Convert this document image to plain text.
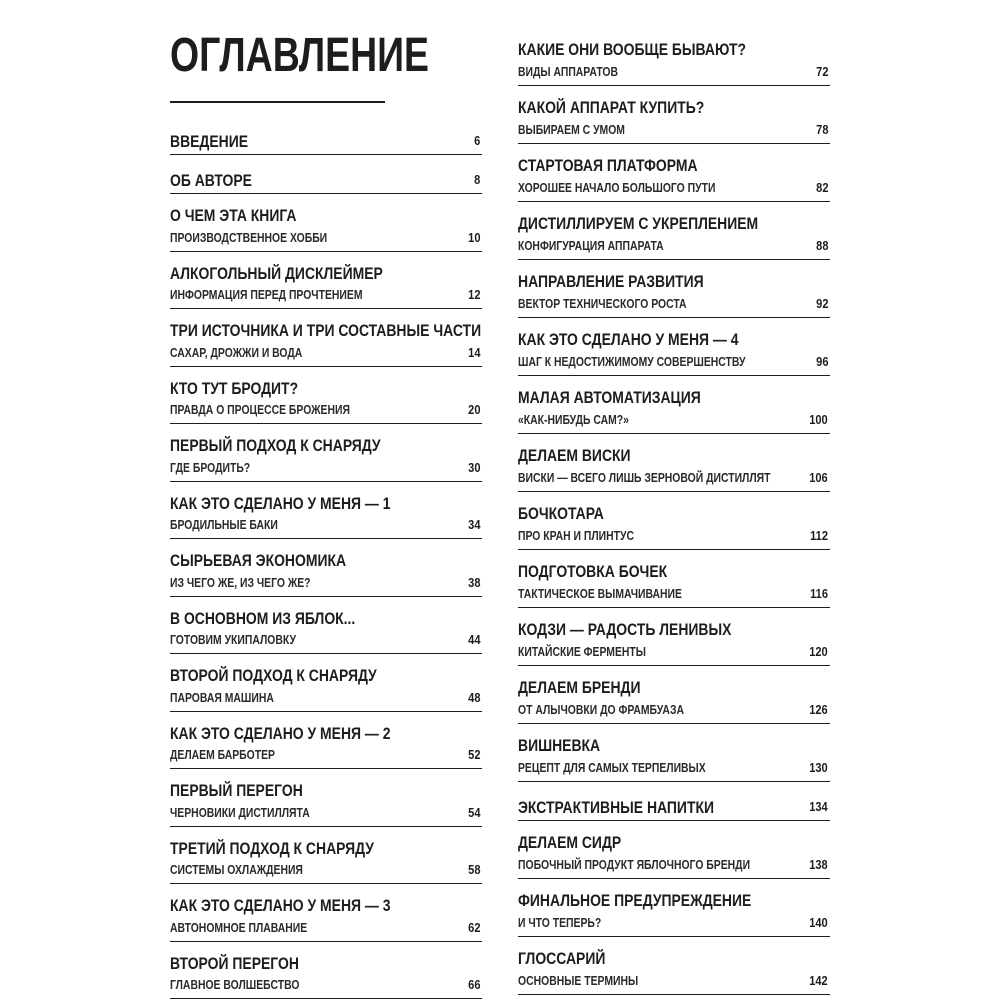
ОГЛАВЛЕНИЕ
ВВЕДЕНИЕ	6
ОБ АВТОРЕ	8
О ЧЕМ ЭТА КНИГА
ПРОИЗВОДСТВЕННОЕ ХОББИ	10
АЛКОГОЛЬНЫЙ ДИСКЛЕЙМЕР
ИНФОРМАЦИЯ ПЕРЕД ПРОЧТЕНИЕМ	12
ТРИ ИСТОЧНИКА И ТРИ СОСТАВНЫЕ ЧАСТИ
САХАР, ДРОЖЖИ И ВОДА	14
КТО ТУТ БРОДИТ?
ПРАВДА О ПРОЦЕССЕ БРОЖЕНИЯ	20
ПЕРВЫЙ ПОДХОД К СНАРЯДУ
ГДЕ БРОДИТЬ?	30
КАК ЭТО СДЕЛАНО У МЕНЯ — 1
БРОДИЛЬНЫЕ БАКИ	34
СЫРЬЕВАЯ ЭКОНОМИКА
ИЗ ЧЕГО ЖЕ, ИЗ ЧЕГО ЖЕ?	38
В ОСНОВНОМ ИЗ ЯБЛОК...
ГОТОВИМ УКИПАЛОВКУ	44
ВТОРОЙ ПОДХОД К СНАРЯДУ
ПАРОВАЯ МАШИНА	48
КАК ЭТО СДЕЛАНО У МЕНЯ — 2
ДЕЛАЕМ БАРБОТЕР	52
ПЕРВЫЙ ПЕРЕГОН
ЧЕРНОВИКИ ДИСТИЛЛЯТА	54
ТРЕТИЙ ПОДХОД К СНАРЯДУ
СИСТЕМЫ ОХЛАЖДЕНИЯ	58
КАК ЭТО СДЕЛАНО У МЕНЯ — 3
АВТОНОМНОЕ ПЛАВАНИЕ	62
ВТОРОЙ ПЕРЕГОН
ГЛАВНОЕ ВОЛШЕБСТВО	66
КАКИЕ ОНИ ВООБЩЕ БЫВАЮТ?
ВИДЫ АППАРАТОВ	72
КАКОЙ АППАРАТ КУПИТЬ?
ВЫБИРАЕМ С УМОМ	78
СТАРТОВАЯ ПЛАТФОРМА
ХОРОШЕЕ НАЧАЛО БОЛЬШОГО ПУТИ	82
ДИСТИЛЛИРУЕМ С УКРЕПЛЕНИЕМ
КОНФИГУРАЦИЯ АППАРАТА	88
НАПРАВЛЕНИЕ РАЗВИТИЯ
ВЕКТОР ТЕХНИЧЕСКОГО РОСТА	92
КАК ЭТО СДЕЛАНО У МЕНЯ — 4
ШАГ К НЕДОСТИЖИМОМУ СОВЕРШЕНСТВУ	96
МАЛАЯ АВТОМАТИЗАЦИЯ
«КАК-НИБУДЬ САМ?»	100
ДЕЛАЕМ ВИСКИ
ВИСКИ — ВСЕГО ЛИШЬ ЗЕРНОВОЙ ДИСТИЛЛЯТ	106
БОЧКОТАРА
ПРО КРАН И ПЛИНТУС	112
ПОДГОТОВКА БОЧЕК
ТАКТИЧЕСКОЕ ВЫМАЧИВАНИЕ	116
КОДЗИ — РАДОСТЬ ЛЕНИВЫХ
КИТАЙСКИЕ ФЕРМЕНТЫ	120
ДЕЛАЕМ БРЕНДИ
ОТ АЛЫЧОВКИ ДО ФРАМБУАЗА	126
ВИШНЕВКА
РЕЦЕПТ ДЛЯ САМЫХ ТЕРПЕЛИВЫХ	130
ЭКСТРАКТИВНЫЕ НАПИТКИ	134
ДЕЛАЕМ СИДР
ПОБОЧНЫЙ ПРОДУКТ ЯБЛОЧНОГО БРЕНДИ	138
ФИНАЛЬНОЕ ПРЕДУПРЕЖДЕНИЕ
И ЧТО ТЕПЕРЬ?	140
ГЛОССАРИЙ
ОСНОВНЫЕ ТЕРМИНЫ	142
